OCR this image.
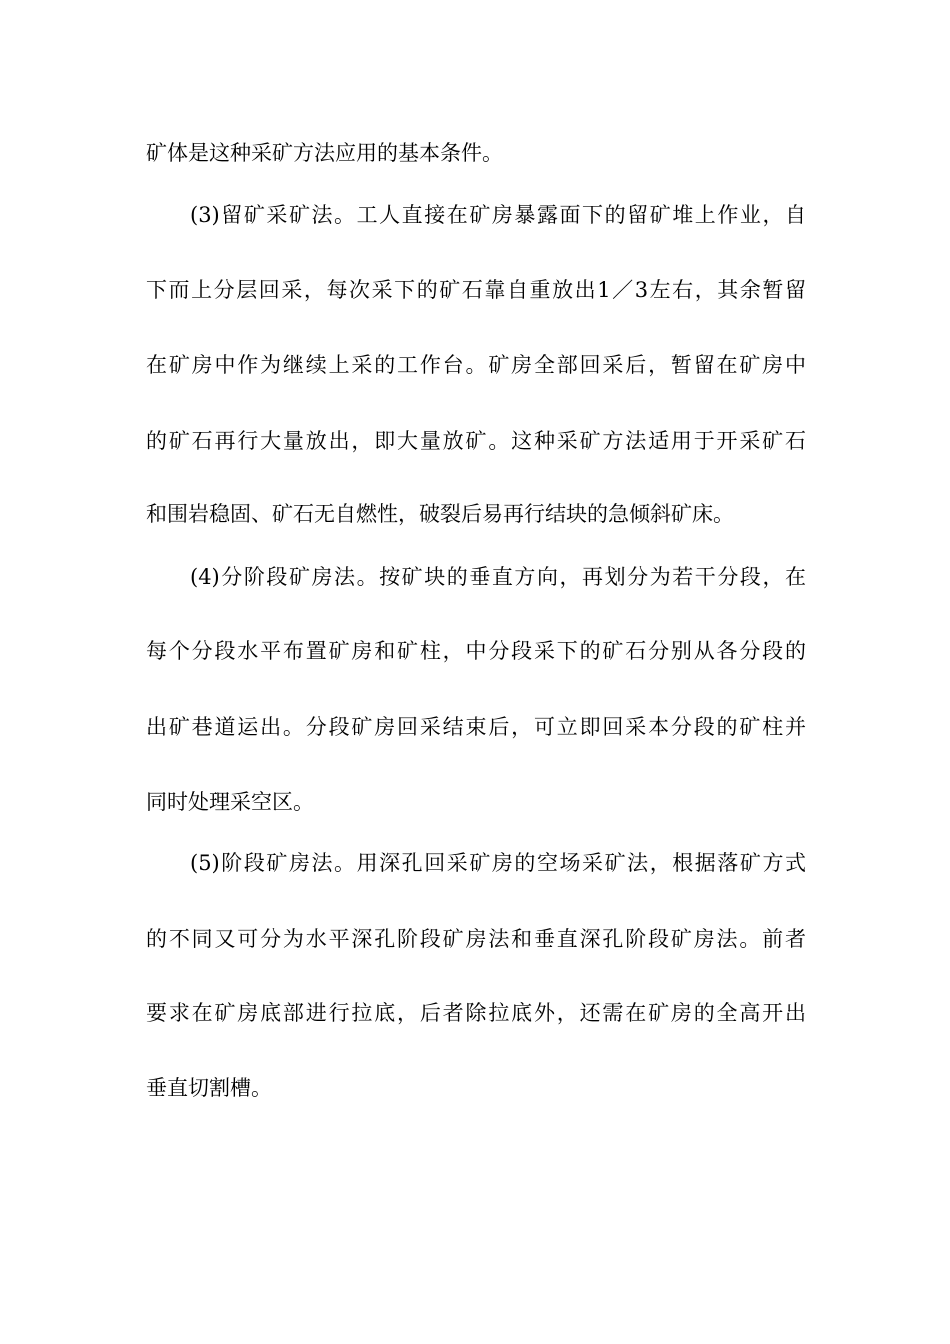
矿体是这种采矿方法应用的基本条件。
(3)留矿采矿法。工人直接在矿房暴露面下的留矿堆上作业，自
下而上分层回采，每次采下的矿石靠自重放出1／3左右，其余暂留
在矿房中作为继续上采的工作台。矿房全部回采后，暂留在矿房中
的矿石再行大量放出，即大量放矿。这种采矿方法适用于开采矿石
和围岩稳固、矿石无自燃性，破裂后易再行结块的急倾斜矿床。
(4)分阶段矿房法。按矿块的垂直方向，再划分为若干分段，在
每个分段水平布置矿房和矿柱，中分段采下的矿石分别从各分段的
出矿巷道运出。分段矿房回采结束后，可立即回采本分段的矿柱并
同时处理采空区。
(5)阶段矿房法。用深孔回采矿房的空场采矿法，根据落矿方式
的不同又可分为水平深孔阶段矿房法和垂直深孔阶段矿房法。前者
要求在矿房底部进行拉底，后者除拉底外，还需在矿房的全高开出
垂直切割槽。
